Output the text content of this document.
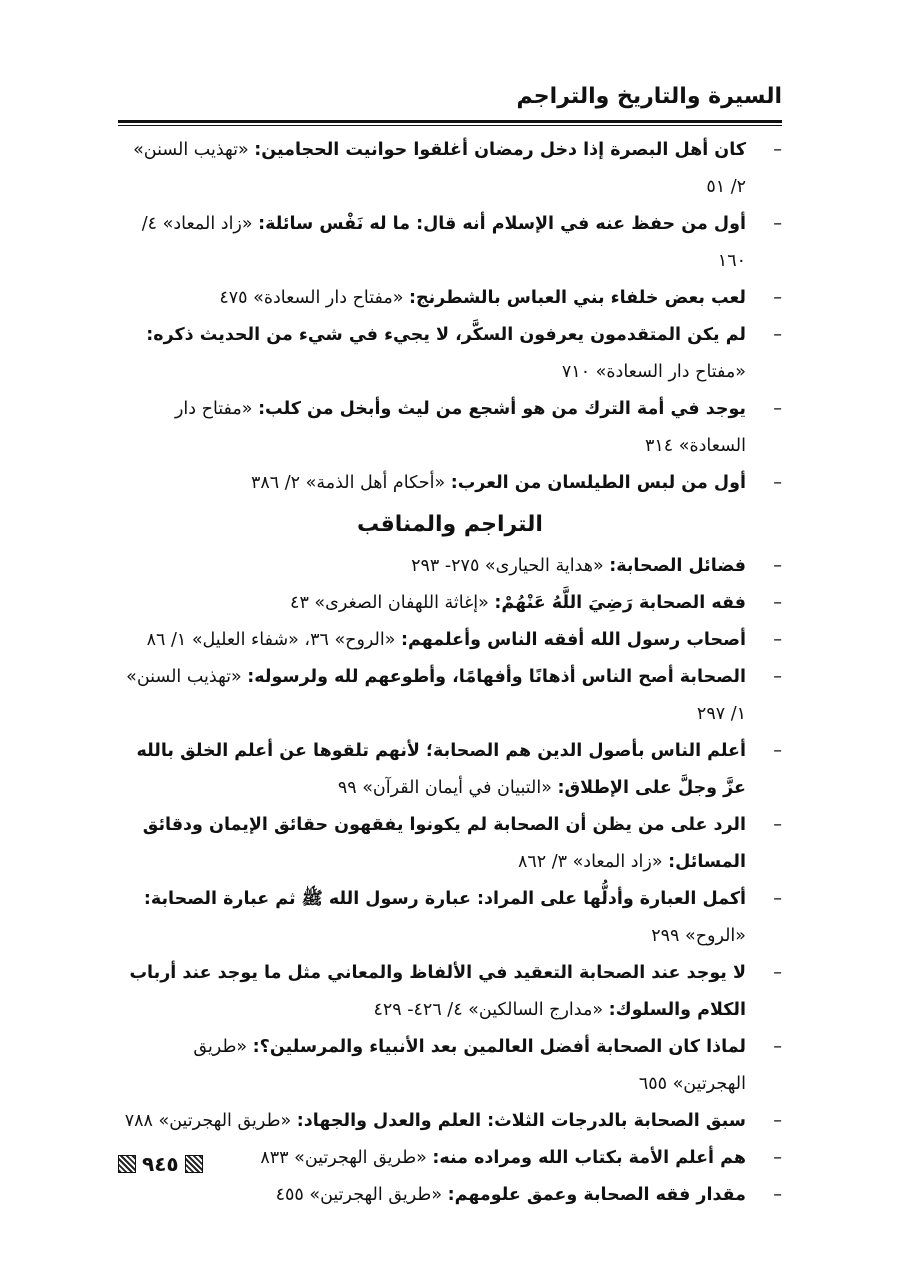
السيرة والتاريخ والتراجم
–
كان أهل البصرة إذا دخل رمضان أغلقوا حوانيت الحجامين: «تهذيب السنن» ٢/ ٥١
–
أول من حفظ عنه في الإسلام أنه قال: ما له نَفْس سائلة: «زاد المعاد» ٤/ ١٦٠
–
لعب بعض خلفاء بني العباس بالشطرنج: «مفتاح دار السعادة» ٤٧٥
–
لم يكن المتقدمون يعرفون السكَّر، لا يجيء في شيء من الحديث ذكره: «مفتاح دار السعادة» ٧١٠
–
يوجد في أمة الترك من هو أشجع من ليث وأبخل من كلب: «مفتاح دار السعادة» ٣١٤
–
أول من لبس الطيلسان من العرب: «أحكام أهل الذمة» ٢/ ٣٨٦
التراجم والمناقب
–
فضائل الصحابة: «هداية الحيارى» ٢٧٥- ٢٩٣
–
فقه الصحابة رَضِيَ اللَّهُ عَنْهُمْ: «إغاثة اللهفان الصغرى» ٤٣
–
أصحاب رسول الله أفقه الناس وأعلمهم: «الروح» ٣٦، «شفاء العليل» ١/ ٨٦
–
الصحابة أصح الناس أذهانًا وأفهامًا، وأطوعهم لله ولرسوله: «تهذيب السنن» ١/ ٢٩٧
–
أعلم الناس بأصول الدين هم الصحابة؛ لأنهم تلقوها عن أعلم الخلق بالله عزَّ وجلَّ على الإطلاق: «التبيان في أيمان القرآن» ٩٩
–
الرد على من يظن أن الصحابة لم يكونوا يفقهون حقائق الإيمان ودقائق المسائل: «زاد المعاد» ٣/ ٨٦٢
–
أكمل العبارة وأدلُّها على المراد: عبارة رسول الله ﷺ ثم عبارة الصحابة: «الروح» ٢٩٩
–
لا يوجد عند الصحابة التعقيد في الألفاظ والمعاني مثل ما يوجد عند أرباب الكلام والسلوك: «مدارج السالكين» ٤/ ٤٢٦- ٤٢٩
–
لماذا كان الصحابة أفضل العالمين بعد الأنبياء والمرسلين؟: «طريق الهجرتين» ٦٥٥
–
سبق الصحابة بالدرجات الثلاث: العلم والعدل والجهاد: «طريق الهجرتين» ٧٨٨
–
هم أعلم الأمة بكتاب الله ومراده منه: «طريق الهجرتين» ٨٣٣
–
مقدار فقه الصحابة وعمق علومهم: «طريق الهجرتين» ٤٥٥
٩٤٥
